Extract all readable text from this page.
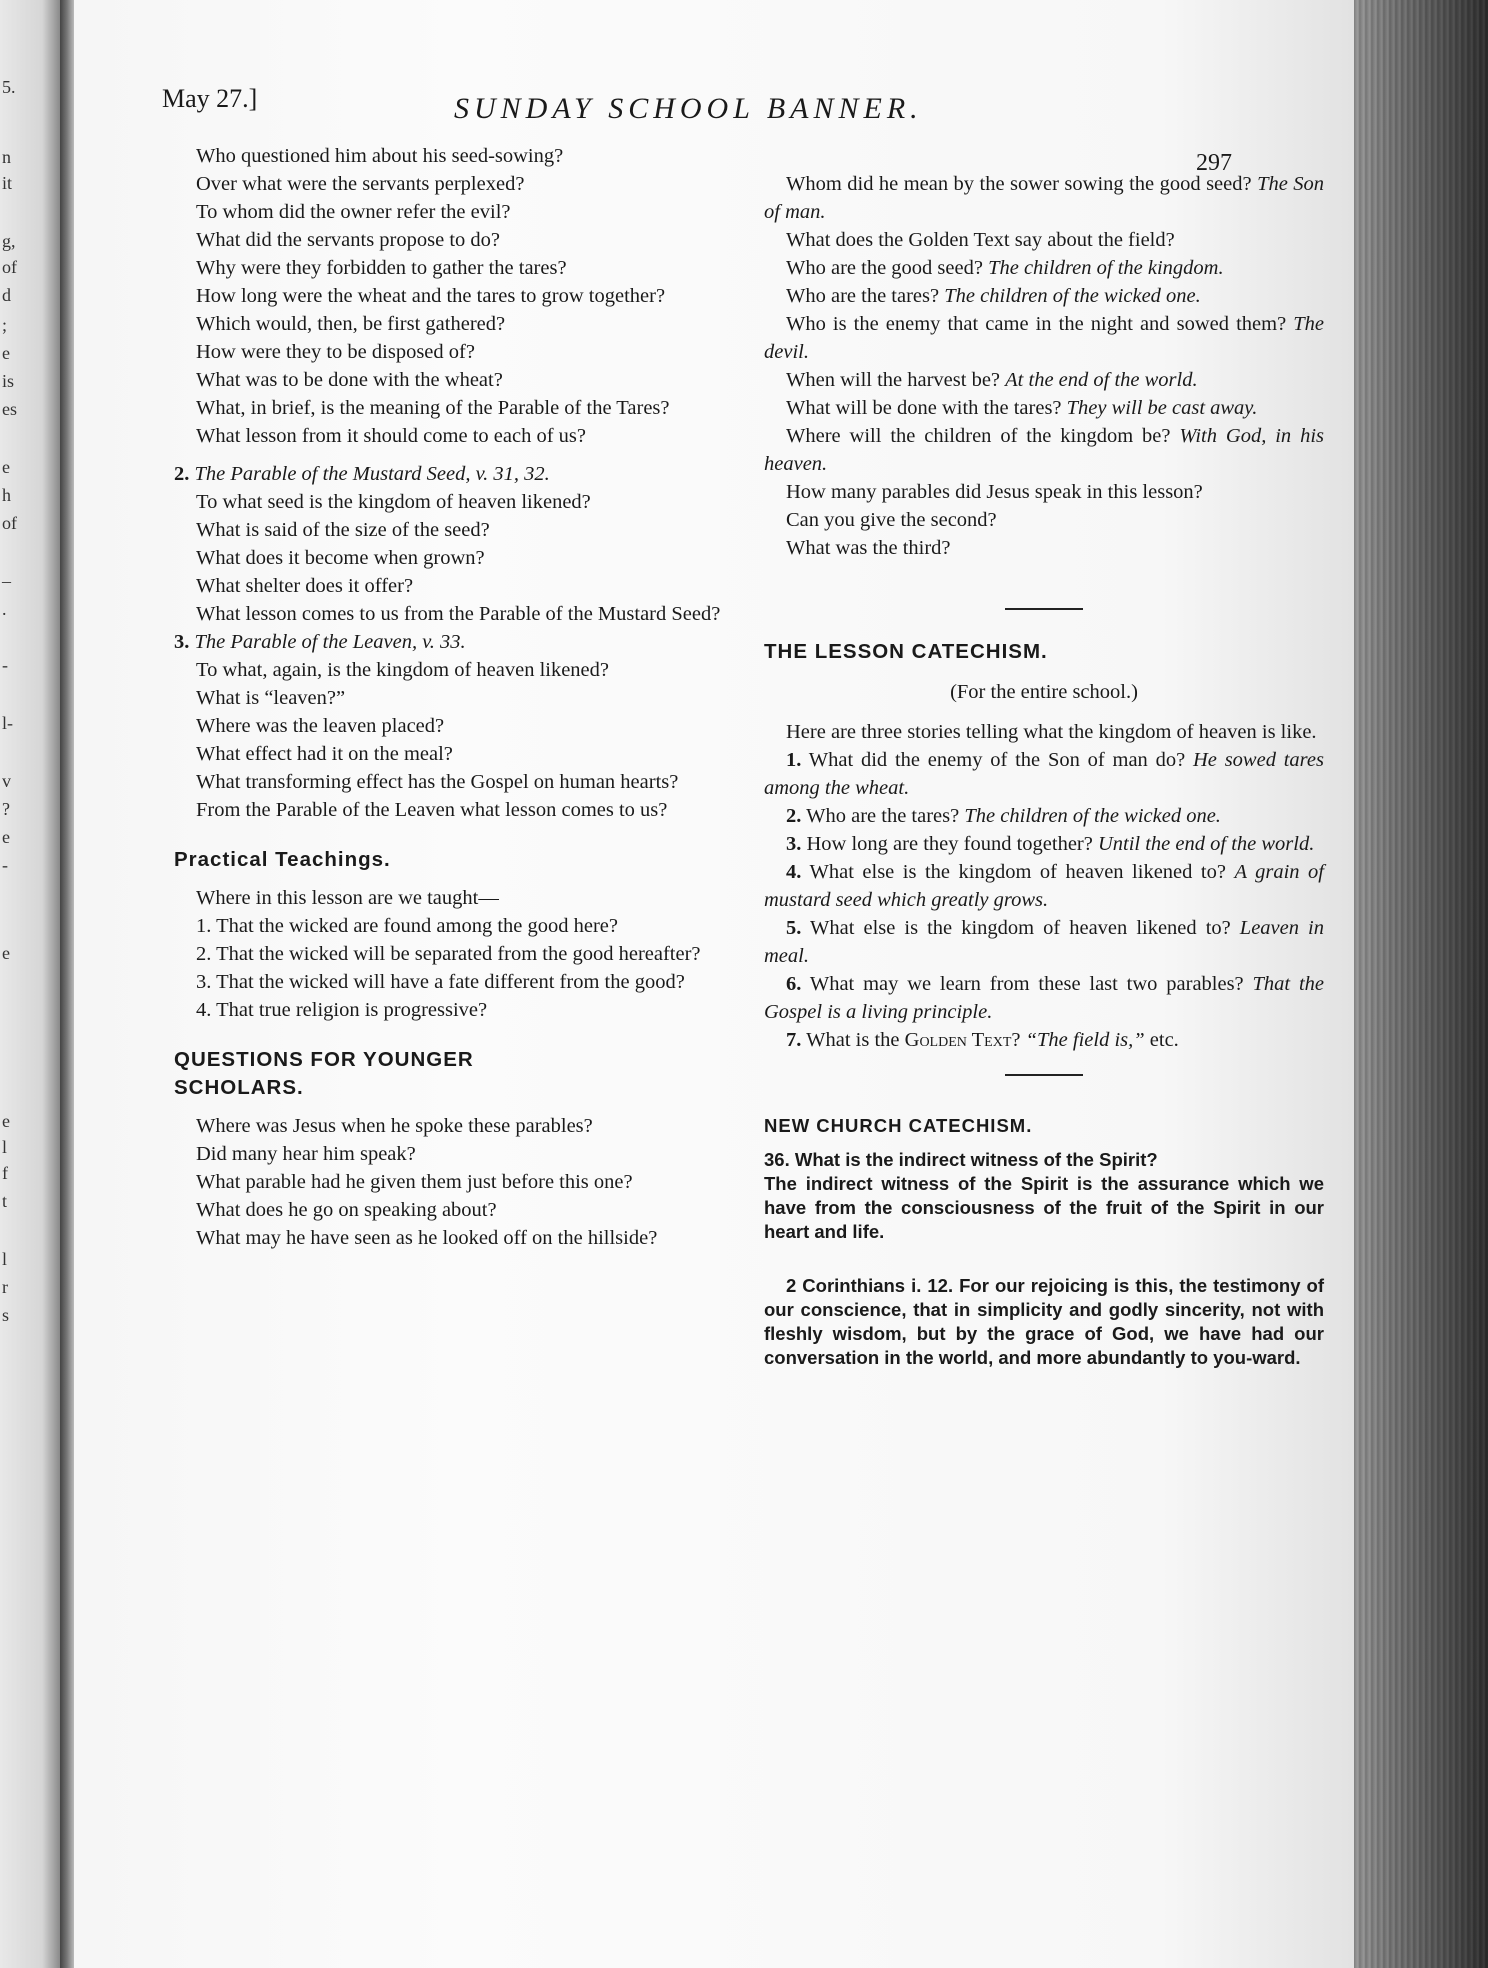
5.
n
it
g,
of
d
;
e
is
es
e
h
of
–
.
-
l-
v
?
e
-
e
e
l
f
t
l
r
s
May 27.]	SUNDAY SCHOOL BANNER.
297

Who questioned him about his seed-sowing?

Over what were the servants perplexed?

To whom did the owner refer the evil?

What did the servants propose to do?

Why were they forbidden to gather the tares?

How long were the wheat and the tares to grow together?

Which would, then, be first gathered?

How were they to be disposed of?

What was to be done with the wheat?

What, in brief, is the meaning of the Parable of the Tares?

What lesson from it should come to each of us?

2. The Parable of the Mustard Seed, v. 31, 32.

To what seed is the kingdom of heaven likened?

What is said of the size of the seed?

What does it become when grown?

What shelter does it offer?

What lesson comes to us from the Parable of the Mustard Seed?

3. The Parable of the Leaven, v. 33.

To what, again, is the kingdom of heaven likened?

What is “leaven?”

Where was the leaven placed?

What effect had it on the meal?

What transforming effect has the Gospel on human hearts?

From the Parable of the Leaven what lesson comes to us?

Practical Teachings.

Where in this lesson are we taught—

1. That the wicked are found among the good here?

2. That the wicked will be separated from the good hereafter?

3. That the wicked will have a fate different from the good?

4. That true religion is progressive?

QUESTIONS FOR YOUNGER
SCHOLARS.

Where was Jesus when he spoke these parables?

Did many hear him speak?

What parable had he given them just before this one?

What does he go on speaking about?

What may he have seen as he looked off on the hillside?

Whom did he mean by the sower sowing the good seed? The Son of man.

What does the Golden Text say about the field?

Who are the good seed? The children of the kingdom.

Who are the tares? The children of the wicked one.

Who is the enemy that came in the night and sowed them? The devil.

When will the harvest be? At the end of the world.

What will be done with the tares? They will be cast away.

Where will the children of the kingdom be? With God, in his heaven.

How many parables did Jesus speak in this lesson?

Can you give the second?

What was the third?

THE LESSON CATECHISM.

(For the entire school.)

Here are three stories telling what the kingdom of heaven is like.

1. What did the enemy of the Son of man do? He sowed tares among the wheat.

2. Who are the tares? The children of the wicked one.

3. How long are they found together? Until the end of the world.

4. What else is the kingdom of heaven likened to? A grain of mustard seed which greatly grows.

5. What else is the kingdom of heaven likened to? Leaven in meal.

6. What may we learn from these last two parables? That the Gospel is a living principle.

7. What is the Golden Text? “The field is,” etc.

NEW CHURCH CATECHISM.

36. What is the indirect witness of the Spirit?

The indirect witness of the Spirit is the assurance which we have from the consciousness of the fruit of the Spirit in our heart and life.

2 Corinthians i. 12. For our rejoicing is this, the testimony of our conscience, that in simplicity and godly sincerity, not with fleshly wisdom, but by the grace of God, we have had our conversation in the world, and more abundantly to you-ward.
